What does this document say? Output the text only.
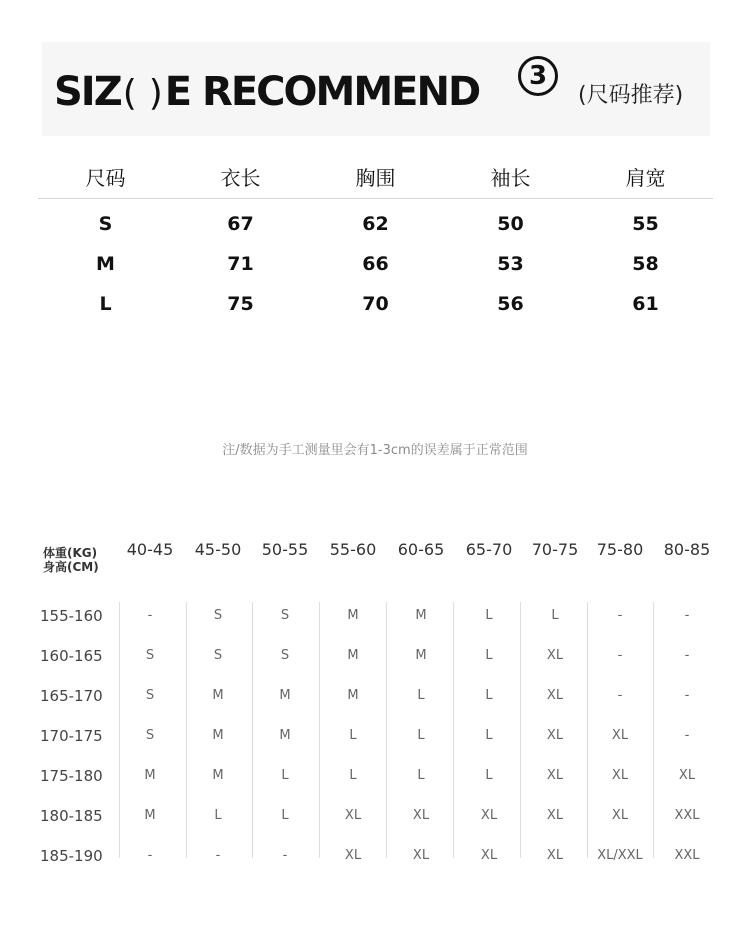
SIZ( )E RECOMMEND	3
(尺码推荐)
尺码	衣长	胸围	袖长	肩宽
S	67	62	50	55
M	71	66	53	58
L	75	70	56	61
注/数据为手工测量里会有1-3cm的误差属于正常范围
体重(KG)
身高(CM)
40-45	45-50	50-55	55-60	60-65	65-70	70-75	75-80	80-85
155-160	-	S	S	M	M	L	L	-	-
160-165	S	S	S	M	M	L	XL	-	-
165-170	S	M	M	M	L	L	XL	-	-
170-175	S	M	M	L	L	L	XL	XL	-
175-180	M	M	L	L	L	L	XL	XL	XL
180-185	M	L	L	XL	XL	XL	XL	XL	XXL
185-190	-	-	-	XL	XL	XL	XL	XL/XXL	XXL
